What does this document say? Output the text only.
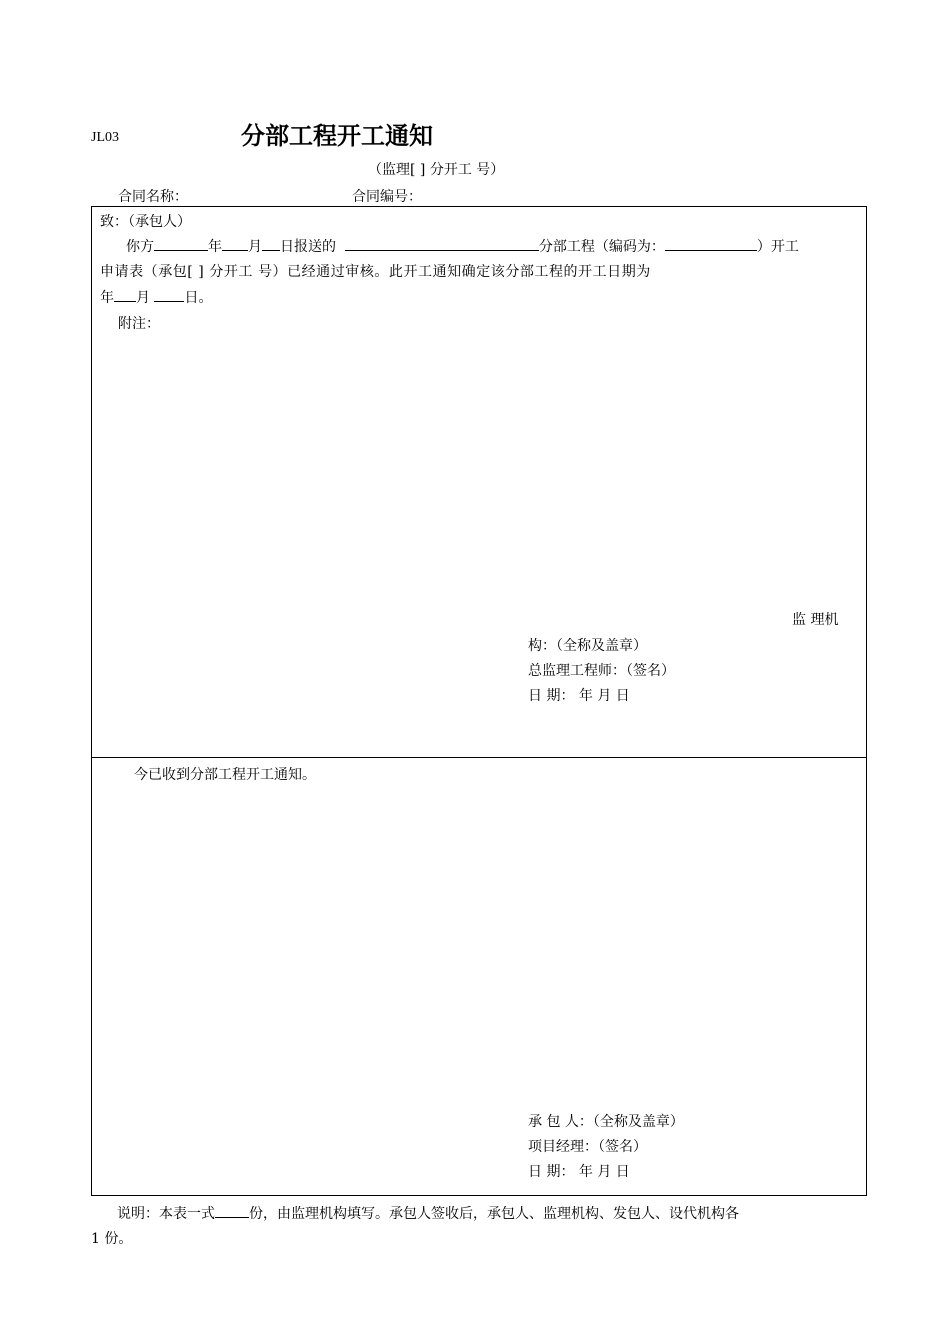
JL03	分部工程开工通知
（监理[ ] 分开工 号）
合同名称：	合同编号：
致：（承包人）
你方	年 月 日报送的	分部工程（编码为：	）开工
申请表（承包[ ] 分开工 号）已经通过审核。此开工通知确定该分部工程的开工日期为
年 月 日。
附注：
监 理机
构：（全称及盖章）
总监理工程师：（签名）
日 期： 年 月 日
今已收到分部工程开工通知。
承 包 人：（全称及盖章）
项目经理：（签名）
日 期： 年 月 日
说明：本表一式 份，由监理机构填写。承包人签收后，承包人、监理机构、发包人、设代机构各
1 份。
